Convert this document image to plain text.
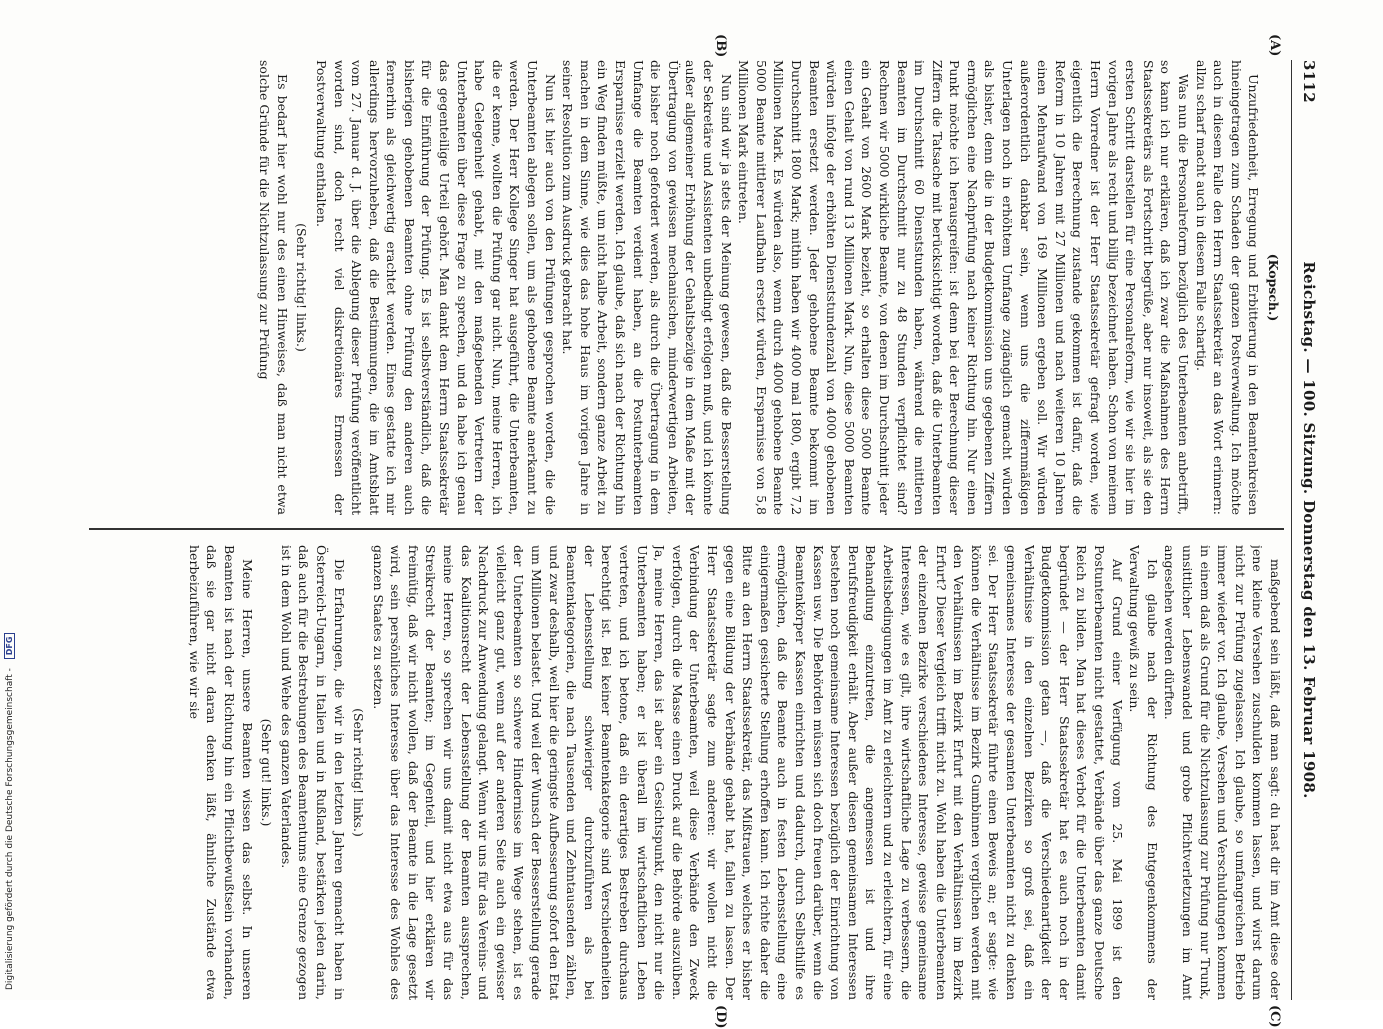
3112
Reichstag. — 100. Sitzung. Donnerstag den 13. Februar 1908.
(A)
(B)
(C)
(D)

(Kopsch.)

Unzufriedenheit, Erregung und Erbitterung in den Beamtenkreisen hineingetragen zum Schaden der ganzen Postverwaltung. Ich möchte auch in diesem Falle den Herrn Staatssekretär an das Wort erinnern: allzu scharf macht auch in diesem Falle schartig.

Was nun die Personalreform bezüglich des Unterbeamten anbetrifft, so kann ich nur erklären, daß ich zwar die Maßnahmen des Herrn Staatssekretärs als Fortschritt begrüße, aber nur insoweit, als sie den ersten Schritt darstellen für eine Personalreform, wie wir sie hier im vorigen Jahre als recht und billig bezeichnet haben. Schon von meinem Herrn Vorredner ist der Herr Staatssekretär gefragt worden, wie eigentlich die Berechnung zustande gekommen ist dafür, daß die Reform in 10 Jahren mit 27 Millionen und nach weiteren 10 Jahren einen Mehraufwand von 169 Millionen ergeben soll. Wir würden außerordentlich dankbar sein, wenn uns die ziffernmäßigen Unterlagen noch in erhöhtem Umfange zugänglich gemacht würden als bisher, denn die in der Budgetkommission uns gegebenen Ziffern ermöglichen eine Nachprüfung nach keiner Richtung hin. Nur einen Punkt möchte ich herausgreifen: ist denn bei der Berechnung dieser Ziffern die Tatsache mit berücksichtigt worden, daß die Unterbeamten im Durchschnitt 60 Dienststunden haben, während die mittleren Beamten im Durchschnitt nur zu 48 Stunden verpflichtet sind? Rechnen wir 5000 wirkliche Beamte, von denen im Durchschnitt jeder ein Gehalt von 2600 Mark bezieht, so erhalten diese 5000 Beamte einen Gehalt von rund 13 Millionen Mark. Nun, diese 5000 Beamten würden infolge der erhöhten Dienststundenzahl von 4000 gehobenen Beamten ersetzt werden. Jeder gehobene Beamte bekommt im Durchschnitt 1800 Mark; mithin haben wir 4000 mal 1800, ergibt 7,2 Millionen Mark. Es würden also, wenn durch 4000 gehobene Beamte 5000 Beamte mittlerer Laufbahn ersetzt würden, Ersparnisse von 5,8 Millionen Mark eintreten.

Nun sind wir ja stets der Meinung gewesen, daß die Besserstellung der Sekretäre und Assistenten unbedingt erfolgen muß, und ich könnte außer allgemeiner Erhöhung der Gehaltsbezüge in dem Maße mit der Übertragung von gewissen mechanischen, minderwertigen Arbeiten, die bisher noch gefordert werden, als durch die Übertragung in dem Umfange die Beamten verdient haben, an die Postunterbeamten Ersparnisse erzielt werden. Ich glaube, daß sich nach der Richtung hin ein Weg finden müßte, um nicht halbe Arbeit, sondern ganze Arbeit zu machen in dem Sinne, wie dies das hohe Haus im vorigen Jahre in seiner Resolution zum Ausdruck gebracht hat.

Nun ist hier auch von den Prüfungen gesprochen worden, die die Unterbeamten ablegen sollen, um als gehobene Beamte anerkannt zu werden. Der Herr Kollege Singer hat ausgeführt, die Unterbeamten, die er kenne, wollten die Prüfung gar nicht. Nun, meine Herren, ich habe Gelegenheit gehabt, mit den maßgebenden Vertretern der Unterbeamten über diese Frage zu sprechen, und da habe ich genau das gegenteilige Urteil gehört. Man dankt dem Herrn Staatssekretär für die Einführung der Prüfung. Es ist selbstverständlich, daß die bisherigen gehobenen Beamten ohne Prüfung den anderen auch fernerhin als gleichwertig erachtet werden. Eines gestatte ich mir allerdings hervorzuheben, daß die Bestimmungen, die im Amtsblatt vom 27. Januar d. J. über die Ablegung dieser Prüfung veröffentlicht worden sind, doch recht viel diskretionäres Ermessen der Postverwaltung enthalten.

(Sehr richtig! links.)

Es bedarf hier wohl nur des einen Hinweises, daß man nicht etwa solche Gründe für die Nichtzulassung zur Prüfung

maßgebend sein läßt, daß man sagt: du hast dir im Amt diese oder jene kleine Versehen zuschulden kommen lassen, und wirst darum nicht zur Prüfung zugelassen. Ich glaube, so umfangreichen Betrieb immer wieder vor. Ich glaube, Versehen und Verschuldungen kommen in einem daß als Grund für die Nichtzulassung zur Prüfung nur Trunk, unsittlicher Lebenswandel und grobe Pflichtverletzungen im Amt angesehen werden dürften.

Ich glaube nach der Richtung des Entgegenkommens der Verwaltung gewiß zu sein.

Auf Grund einer Verfügung vom 25. Mai 1899 ist den Postunterbeamten nicht gestattet, Verbände über das ganze Deutsche Reich zu bilden. Man hat dieses Verbot für die Unterbeamten damit begründet — der Herr Staatssekretär hat es auch noch in der Budgetkommission getan —, daß die Verschiedenartigkeit der Verhältnisse in den einzelnen Bezirken so groß sei, daß ein gemeinsames Interesse der gesamten Unterbeamten nicht zu denken sei. Der Herr Staatssekretär führte einen Beweis an; er sagte: wie können die Verhältnisse im Bezirk Gumbinnen verglichen werden mit den Verhältnissen im Bezirk Erfurt mit den Verhältnissen im Bezirk Erfurt? Dieser Vergleich trifft nicht zu. Wohl haben die Unterbeamten der einzelnen Bezirke verschiedenes Interesse, gewisse gemeinsame Interessen, wie es gilt, ihre wirtschaftliche Lage zu verbessern, die Arbeitsbedingungen im Amt zu erleichtern und zu erleichtern, für eine Behandlung einzutreten, die angemessen ist und ihre Berufsfreudigkeit erhält. Aber außer diesen gemeinsamen Interessen bestehen noch gemeinsame Interessen bezüglich der Einrichtung von Kassen usw. Die Behörden müssen sich doch freuen darüber, wenn die Beamtenkörper Kassen einrichten und dadurch, durch Selbsthilfe es ermöglichen, daß die Beamte auch in festen Lebensstellung eine einigermaßen gesicherte Stellung erhoffen kann. Ich richte daher die Bitte an den Herrn Staatssekretär, das Mißtrauen, welches er bisher gegen eine Bildung der Verbände gehabt hat, fallen zu lassen. Der Herr Staatssekretär sagte zum anderen: wir wollen nicht die Verbindung der Unterbeamten, weil diese Verbände den Zweck verfolgen, durch die Masse einen Druck auf die Behörde auszuüben. Ja, meine Herren, das ist aber ein Gesichtspunkt, den nicht nur die Unterbeamten haben; er ist überall im wirtschaftlichen Leben vertreten, und ich betone, daß ein derartiges Bestreben durchaus berechtigt ist. Bei keiner Beamtenkategorie sind Verschiedenheiten der Lebensstellung schwieriger durchzuführen als bei Beamtenkategorien, die nach Tausenden und Zehntausenden zählen, und zwar deshalb, weil hier die geringste Aufbesserung sofort den Etat um Millionen belastet. Und weil der Wunsch der Besserstellung gerade der Unterbeamten so schwere Hindernisse im Wege stehen, ist es vielleicht ganz gut, wenn auf der anderen Seite auch ein gewisser Nachdruck zur Anwendung gelangt. Wenn wir uns für das Vereins- und das Koalitionsrecht der Lebensstellung der Beamten aussprechen, meine Herren, so sprechen wir uns damit nicht etwa aus für das Streikrecht der Beamten; im Gegenteil, und hier erklären wir freimütig, daß wir nicht wollen, daß der Beamte in die Lage gesetzt wird, sein persönliches Interesse über das Interesse des Wohles des ganzen Staates zu setzen.

(Sehr richtig! links.)

Die Erfahrungen, die wir in den letzten Jahren gemacht haben in Österreich-Ungarn, in Italien und in Rußland, bestärken jeden darin, daß auch für die Bestrebungen des Beamtentums eine Grenze gezogen ist in dem Wohl und Wehe des ganzen Vaterlandes.

(Sehr gut! links.)

Meine Herren, unsere Beamten wissen das selbst. In unseren Beamten ist nach der Richtung hin ein Pflichtbewußtsein vorhanden, daß sie gar nicht daran denken läßt, ähnliche Zustände etwa herbeizuführen, wie wir sie

Digitalisierung gefördert durch die Deutsche Forschungsgemeinschaft - DFG
